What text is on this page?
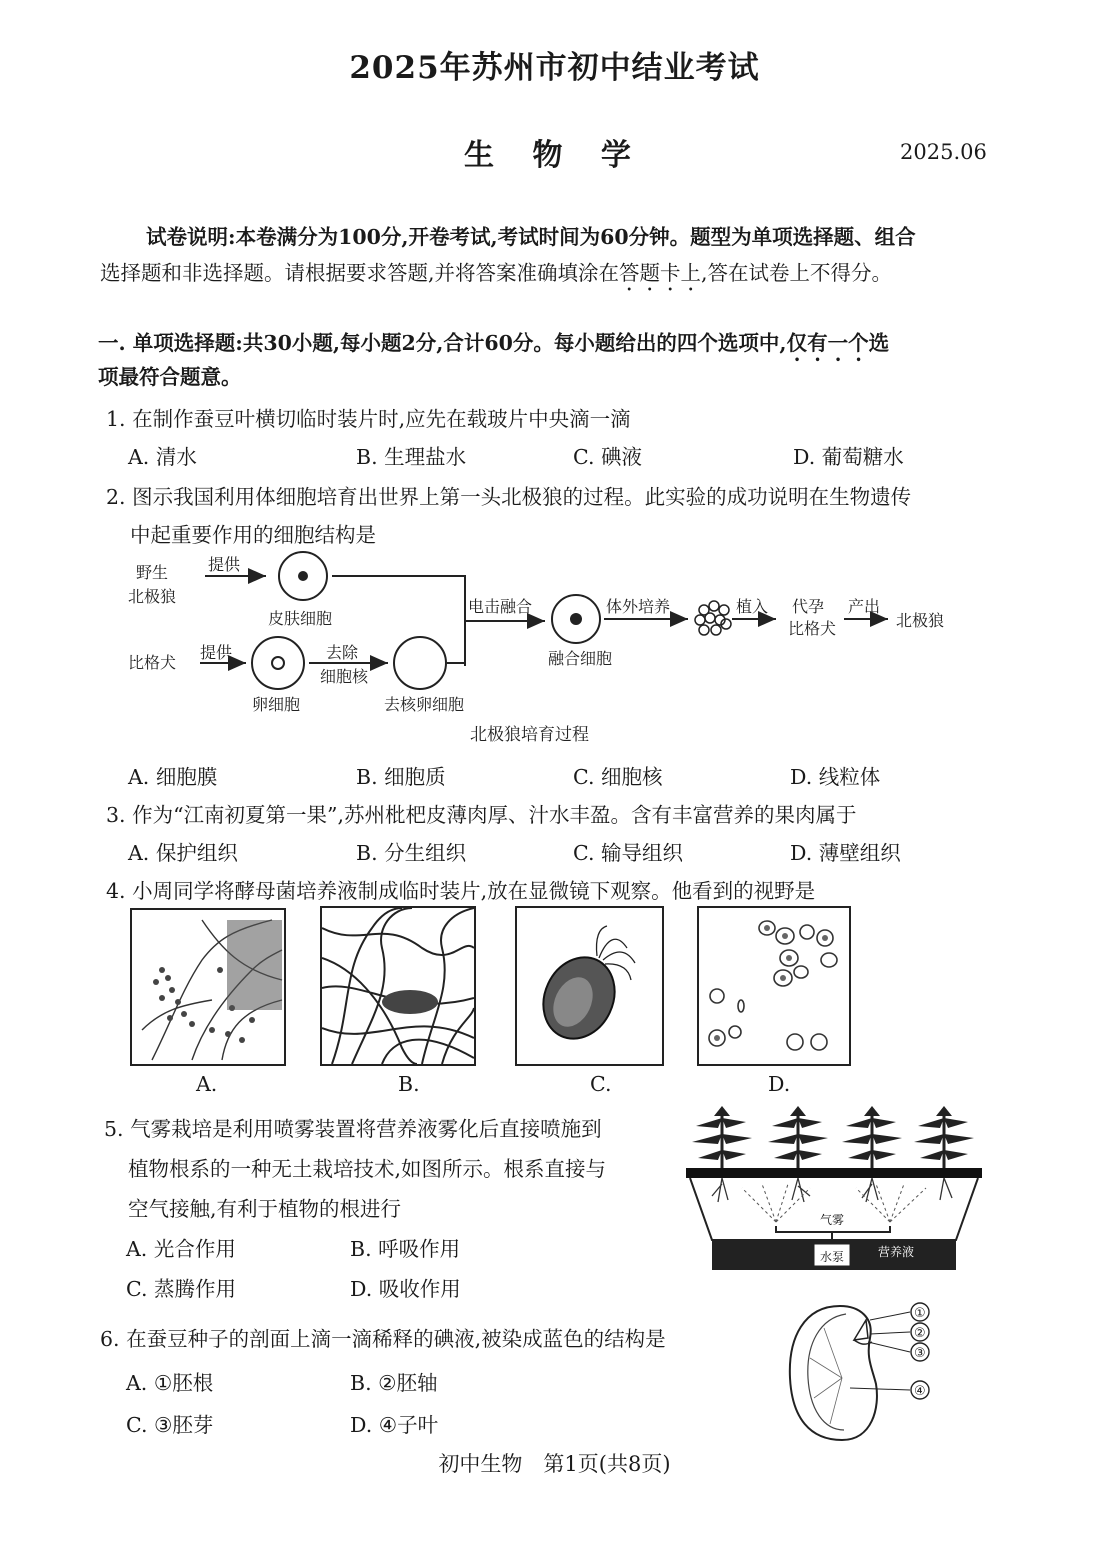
2025年苏州市初中结业考试
生 物 学	2025.06
试卷说明:本卷满分为100分,开卷考试,考试时间为60分钟。题型为单项选择题、组合
选择题和非选择题。请根据要求答题,并将答案准确填涂在答题卡上,答在试卷上不得分。
一. 单项选择题:共30小题,每小题2分,合计60分。每小题给出的四个选项中,仅有一个选
项最符合题意。
1. 在制作蚕豆叶横切临时装片时,应先在载玻片中央滴一滴
A. 清水	B. 生理盐水	C. 碘液	D. 葡萄糖水
2. 图示我国利用体细胞培育出世界上第一头北极狼的过程。此实验的成功说明在生物遗传
中起重要作用的细胞结构是
野生
北极狼
提供
皮肤细胞
比格犬
提供
卵细胞
去除
细胞核
去核卵细胞
电击融合
融合细胞
体外培养	植入 代孕
比格犬
产出
北极狼
北极狼培育过程
A. 细胞膜	B. 细胞质	C. 细胞核	D. 线粒体
3. 作为“江南初夏第一果”,苏州枇杷皮薄肉厚、汁水丰盈。含有丰富营养的果肉属于
A. 保护组织	B. 分生组织	C. 输导组织	D. 薄壁组织
4. 小周同学将酵母菌培养液制成临时装片,放在显微镜下观察。他看到的视野是
A.	B.	C.	D.
5. 气雾栽培是利用喷雾装置将营养液雾化后直接喷施到
植物根系的一种无土栽培技术,如图所示。根系直接与
空气接触,有利于植物的根进行
A. 光合作用	B. 呼吸作用
C. 蒸腾作用	D. 吸收作用
水泵	营养液
气雾
6. 在蚕豆种子的剖面上滴一滴稀释的碘液,被染成蓝色的结构是
A. ①胚根	B. ②胚轴
C. ③胚芽	D. ④子叶
①
②
③
④
初中生物　第1页(共8页)
